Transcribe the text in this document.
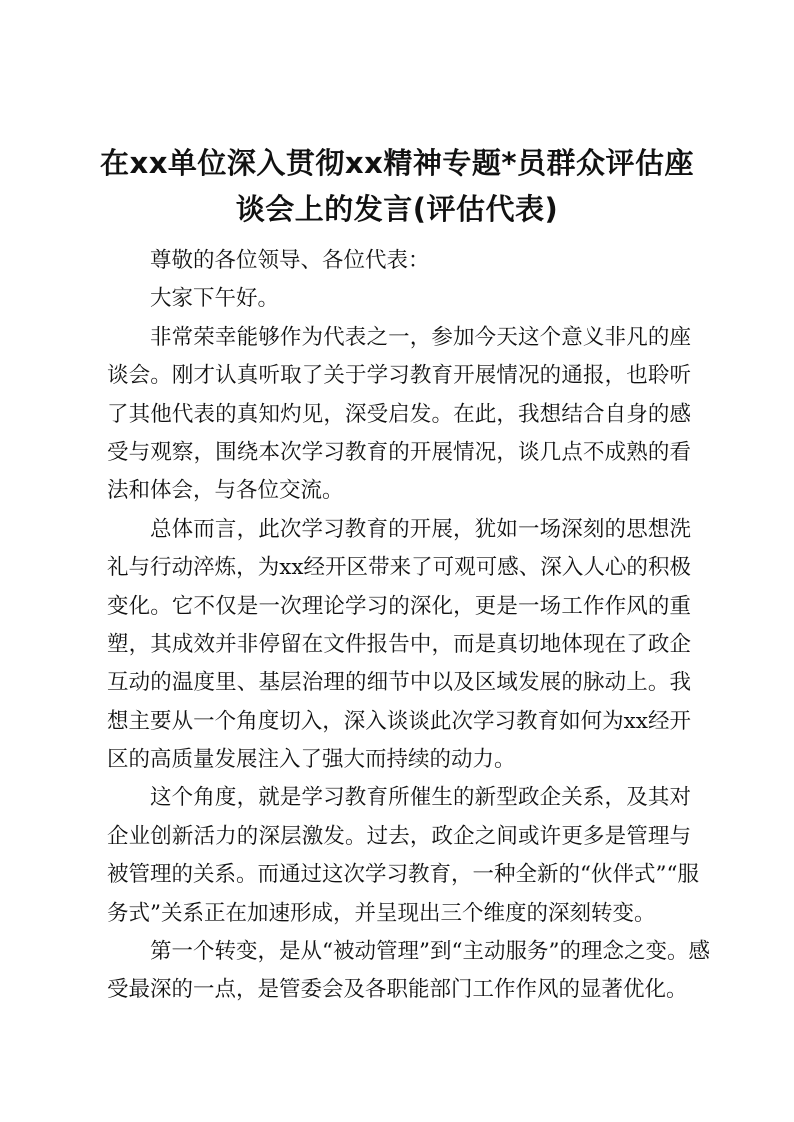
在xx单位深入贯彻xx精神专题*员群众评估座
谈会上的发言(评估代表)
尊敬的各位领导、各位代表：
大家下午好。
非常荣幸能够作为代表之一，参加今天这个意义非凡的座
谈会。刚才认真听取了关于学习教育开展情况的通报，也聆听
了其他代表的真知灼见，深受启发。在此，我想结合自身的感
受与观察，围绕本次学习教育的开展情况，谈几点不成熟的看
法和体会，与各位交流。
总体而言，此次学习教育的开展，犹如一场深刻的思想洗
礼与行动淬炼，为xx经开区带来了可观可感、深入人心的积极
变化。它不仅是一次理论学习的深化，更是一场工作作风的重
塑，其成效并非停留在文件报告中，而是真切地体现在了政企
互动的温度里、基层治理的细节中以及区域发展的脉动上。我
想主要从一个角度切入，深入谈谈此次学习教育如何为xx经开
区的高质量发展注入了强大而持续的动力。
这个角度，就是学习教育所催生的新型政企关系，及其对
企业创新活力的深层激发。过去，政企之间或许更多是管理与
被管理的关系。而通过这次学习教育，一种全新的“伙伴式”“服
务式”关系正在加速形成，并呈现出三个维度的深刻转变。
第一个转变，是从“被动管理”到“主动服务”的理念之变。感
受最深的一点，是管委会及各职能部门工作作风的显著优化。
